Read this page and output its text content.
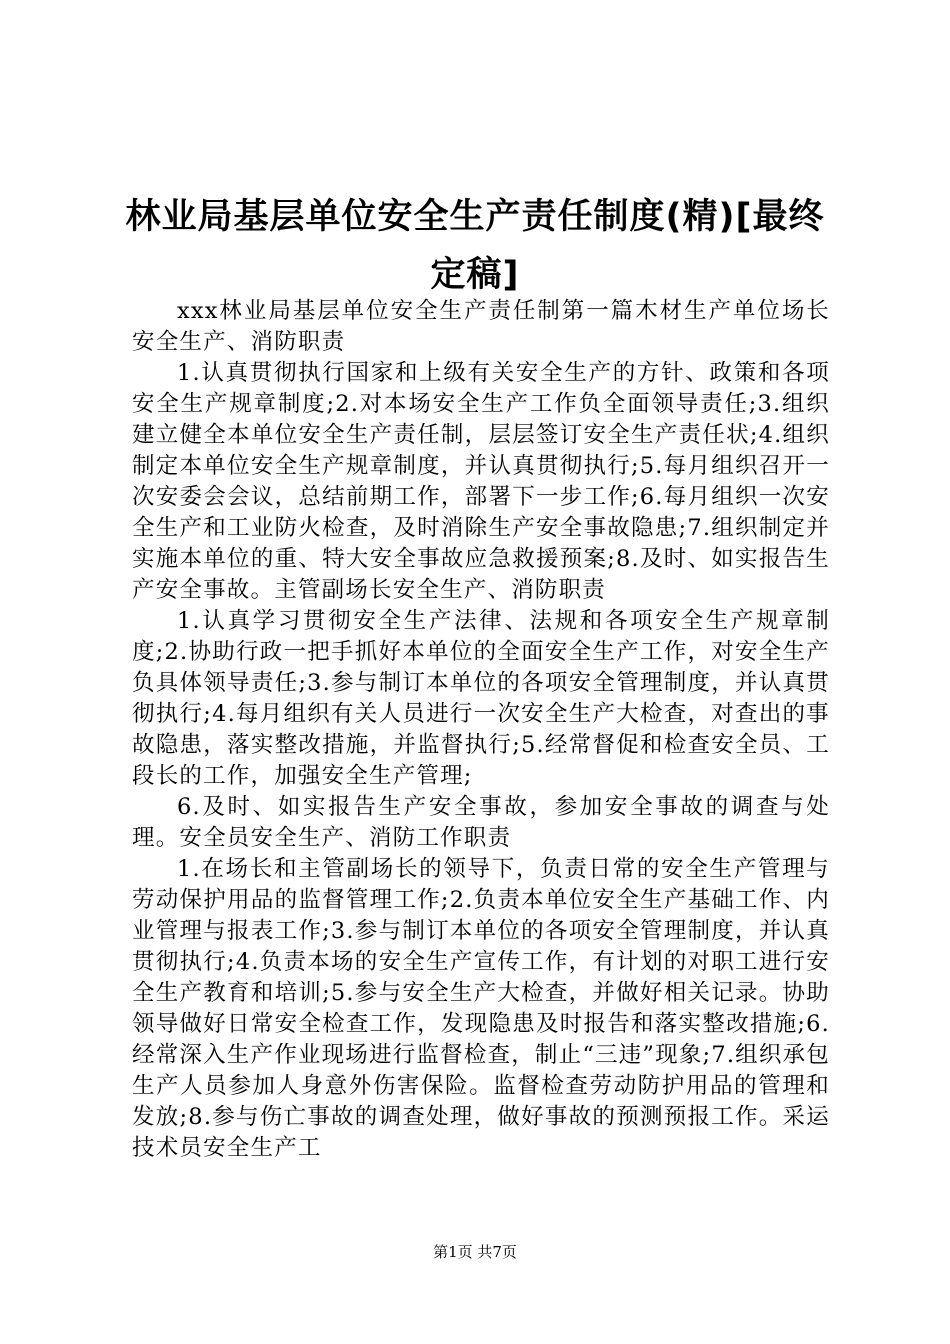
林业局基层单位安全生产责任制度(精)[最终
定稿]

xxx林业局基层单位安全生产责任制第一篇木材生产单位场长安全生产、消防职责

1.认真贯彻执行国家和上级有关安全生产的方针、政策和各项安全生产规章制度;2.对本场安全生产工作负全面领导责任;3.组织建立健全本单位安全生产责任制，层层签订安全生产责任状;4.组织制定本单位安全生产规章制度，并认真贯彻执行;5.每月组织召开一次安委会会议，总结前期工作，部署下一步工作;6.每月组织一次安全生产和工业防火检查，及时消除生产安全事故隐患;7.组织制定并实施本单位的重、特大安全事故应急救援预案;8.及时、如实报告生产安全事故。主管副场长安全生产、消防职责

1.认真学习贯彻安全生产法律、法规和各项安全生产规章制度;2.协助行政一把手抓好本单位的全面安全生产工作，对安全生产负具体领导责任;3.参与制订本单位的各项安全管理制度，并认真贯彻执行;4.每月组织有关人员进行一次安全生产大检查，对查出的事故隐患，落实整改措施，并监督执行;5.经常督促和检查安全员、工段长的工作，加强安全生产管理;

6.及时、如实报告生产安全事故，参加安全事故的调查与处理。安全员安全生产、消防工作职责

1.在场长和主管副场长的领导下，负责日常的安全生产管理与劳动保护用品的监督管理工作;2.负责本单位安全生产基础工作、内业管理与报表工作;3.参与制订本单位的各项安全管理制度，并认真贯彻执行;4.负责本场的安全生产宣传工作，有计划的对职工进行安全生产教育和培训;5.参与安全生产大检查，并做好相关记录。协助领导做好日常安全检查工作，发现隐患及时报告和落实整改措施;6.经常深入生产作业现场进行监督检查，制止“三违”现象;7.组织承包生产人员参加人身意外伤害保险。监督检查劳动防护用品的管理和发放;8.参与伤亡事故的调查处理，做好事故的预测预报工作。采运技术员安全生产工

第1页 共7页
